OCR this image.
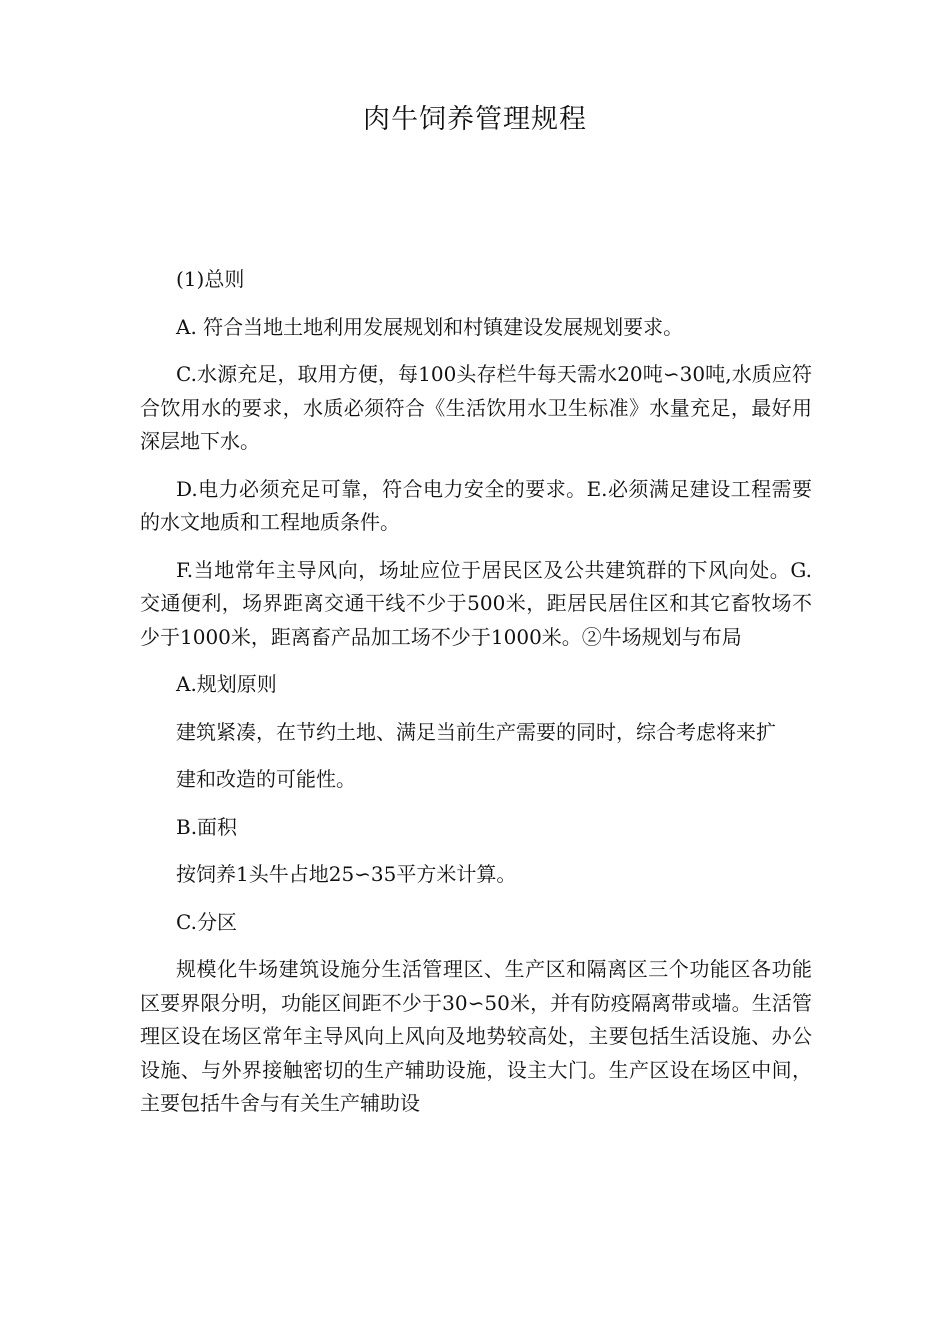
肉牛饲养管理规程

(1)总则

A. 符合当地土地利用发展规划和村镇建设发展规划要求。

C.水源充足，取用方便，每100头存栏牛每天需水20吨∽30吨,水质应符合饮用水的要求，水质必须符合《生活饮用水卫生标准》水量充足，最好用深层地下水。

D.电力必须充足可靠，符合电力安全的要求。E.必须满足建设工程需要的水文地质和工程地质条件。

F.当地常年主导风向，场址应位于居民区及公共建筑群的下风向处。G.交通便利，场界距离交通干线不少于500米，距居民居住区和其它畜牧场不少于1000米，距离畜产品加工场不少于1000米。②牛场规划与布局

A.规划原则

建筑紧凑，在节约土地、满足当前生产需要的同时，综合考虑将来扩

建和改造的可能性。

B.面积

按饲养1头牛占地25∽35平方米计算。

C.分区

规模化牛场建筑设施分生活管理区、生产区和隔离区三个功能区各功能区要界限分明，功能区间距不少于30∽50米，并有防疫隔离带或墙。生活管理区设在场区常年主导风向上风向及地势较高处，主要包括生活设施、办公设施、与外界接触密切的生产辅助设施，设主大门。生产区设在场区中间，主要包括牛舍与有关生产辅助设
